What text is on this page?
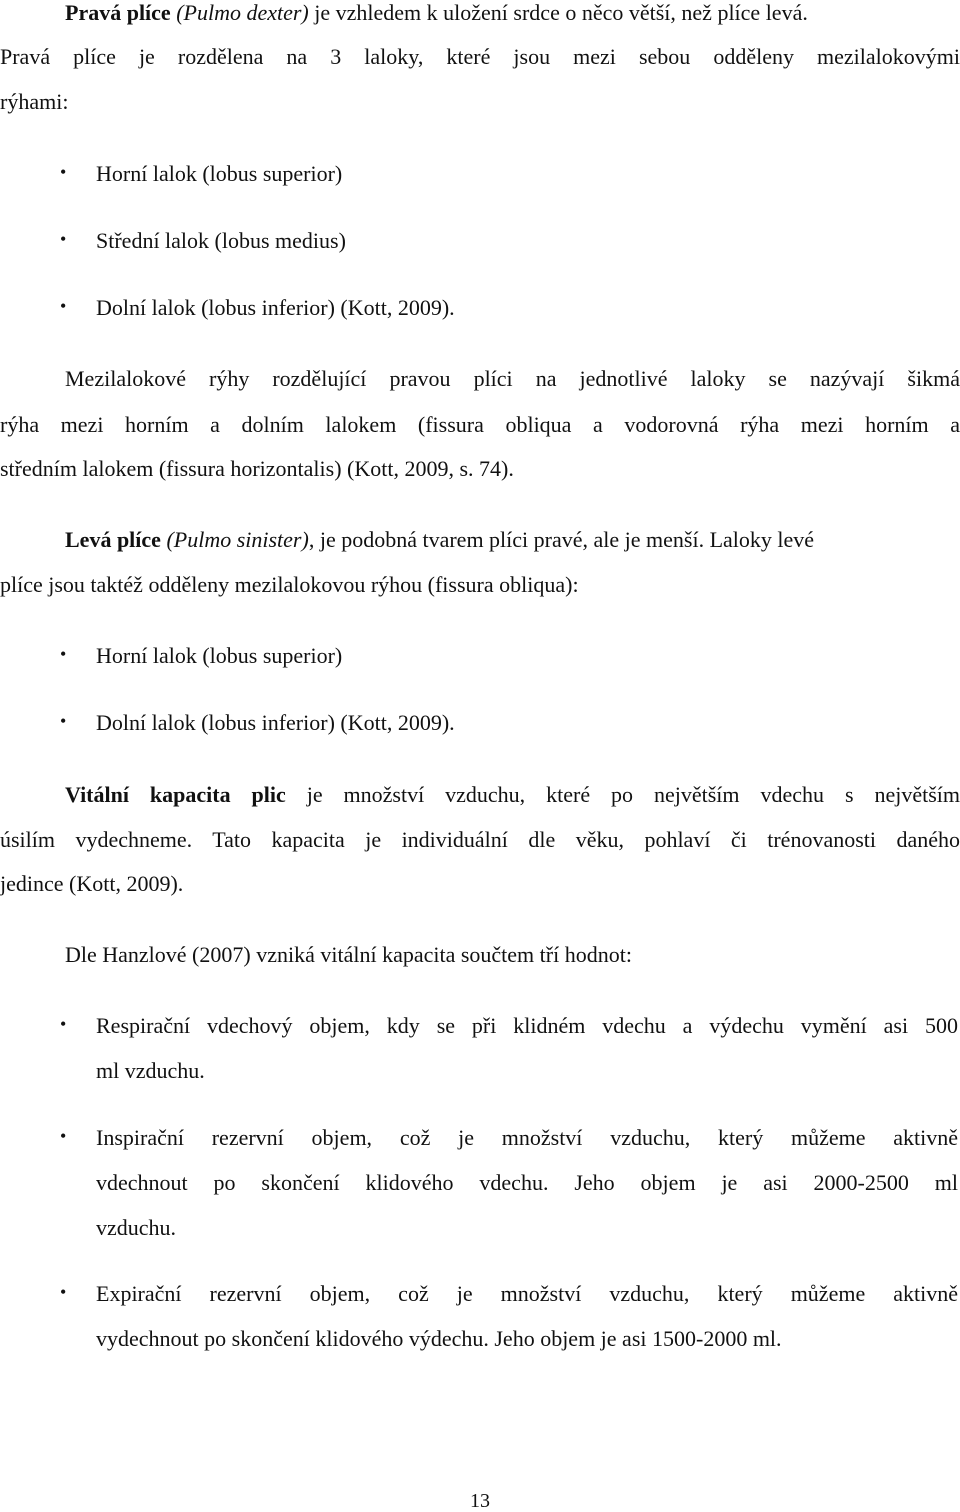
Pravá plíce (Pulmo dexter) je vzhledem k uložení srdce o něco větší, než plíce levá.
Pravá plíce je rozdělena na 3 laloky, které jsou mezi sebou odděleny mezilalokovými
rýhami:
• Horní lalok (lobus superior)
• Střední lalok (lobus medius)
• Dolní lalok (lobus inferior) (Kott, 2009).
Mezilalokové rýhy rozdělující pravou plíci na jednotlivé laloky se nazývají šikmá
rýha mezi horním a dolním lalokem (fissura obliqua a vodorovná rýha mezi horním a
středním lalokem (fissura horizontalis) (Kott, 2009, s. 74).
Levá plíce (Pulmo sinister), je podobná tvarem plíci pravé, ale je menší. Laloky levé
plíce jsou taktéž odděleny mezilalokovou rýhou (fissura obliqua):
• Horní lalok (lobus superior)
• Dolní lalok (lobus inferior) (Kott, 2009).
Vitální kapacita plic je množství vzduchu, které po největším vdechu s největším
úsilím vydechneme. Tato kapacita je individuální dle věku, pohlaví či trénovanosti daného
jedince (Kott, 2009).
Dle Hanzlové (2007) vzniká vitální kapacita součtem tří hodnot:
• Respirační vdechový objem, kdy se při klidném vdechu a výdechu vymění asi 500
ml vzduchu.
• Inspirační rezervní objem, což je množství vzduchu, který můžeme aktivně
vdechnout po skončení klidového vdechu. Jeho objem je asi 2000-2500 ml
vzduchu.
• Expirační rezervní objem, což je množství vzduchu, který můžeme aktivně
vydechnout po skončení klidového výdechu. Jeho objem je asi 1500-2000 ml.
13
